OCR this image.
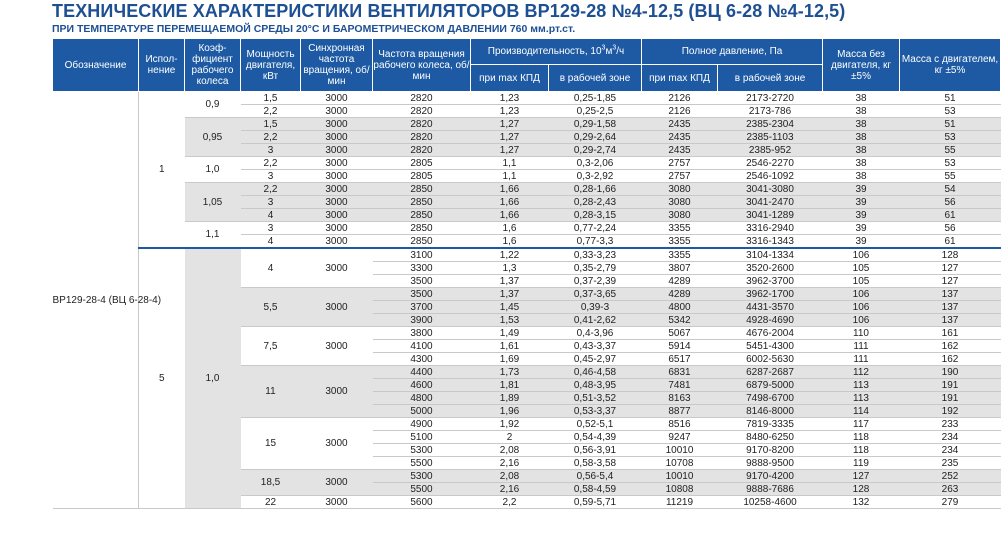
ТЕХНИЧЕСКИЕ ХАРАКТЕРИСТИКИ ВЕНТИЛЯТОРОВ ВР129-28 №4-12,5 (ВЦ 6-28 №4-12,5)
ПРИ ТЕМПЕРАТУРЕ ПЕРЕМЕЩАЕМОЙ СРЕДЫ 20°С И БАРОМЕТРИЧЕСКОМ ДАВЛЕНИИ 760 мм.рт.ст.
Обозначение	Испол-нение	Коэф-фициент рабочего колеса	Мощность двигателя, кВт	Синхронная частота вращения, об/мин	Частота вращения рабочего колеса, об/мин	Производительность, $10^3м^3/ч$		Полное давление, Па		Масса без двигателя, кг ±5%	Масса с двигателем, кг ±5%
						при max КПД	в рабочей зоне	при max КПД	в рабочей зоне		
ВР129-28-4 (ВЦ 6-28-4)	1	0,9	1,5	3000	2820	1,23	0,25-1,85	2126	2173-2720	38	51
			2,2	3000	2820	1,23	0,25-2,5	2126	2173-786	38	53
		0,95	1,5	3000	2820	1,27	0,29-1,58	2435	2385-2304	38	51
			2,2	3000	2820	1,27	0,29-2,64	2435	2385-1103	38	53
			3	3000	2820	1,27	0,29-2,74	2435	2385-952	38	55
		1,0	2,2	3000	2805	1,1	0,3-2,06	2757	2546-2270	38	53
			3	3000	2805	1,1	0,3-2,92	2757	2546-1092	38	55
		1,05	2,2	3000	2850	1,66	0,28-1,66	3080	3041-3080	39	54
			3	3000	2850	1,66	0,28-2,43	3080	3041-2470	39	56
			4	3000	2850	1,66	0,28-3,15	3080	3041-1289	39	61
		1,1	3	3000	2850	1,6	0,77-2,24	3355	3316-2940	39	56
			4	3000	2850	1,6	0,77-3,3	3355	3316-1343	39	61
	5	1,0	4	3000	3100	1,22	0,33-3,23	3355	3104-1334	106	128
					3300	1,3	0,35-2,79	3807	3520-2600	105	127
					3500	1,37	0,37-2,39	4289	3962-3700	105	127
			5,5	3000	3500	1,37	0,37-3,65	4289	3962-1700	106	137
					3700	1,45	0,39-3	4800	4431-3570	106	137
					3900	1,53	0,41-2,62	5342	4928-4690	106	137
			7,5	3000	3800	1,49	0,4-3,96	5067	4676-2004	110	161
					4100	1,61	0,43-3,37	5914	5451-4300	111	162
					4300	1,69	0,45-2,97	6517	6002-5630	111	162
			11	3000	4400	1,73	0,46-4,58	6831	6287-2687	112	190
					4600	1,81	0,48-3,95	7481	6879-5000	113	191
					4800	1,89	0,51-3,52	8163	7498-6700	113	191
					5000	1,96	0,53-3,37	8877	8146-8000	114	192
			15	3000	4900	1,92	0,52-5,1	8516	7819-3335	117	233
					5100	2	0,54-4,39	9247	8480-6250	118	234
					5300	2,08	0,56-3,91	10010	9170-8200	118	234
					5500	2,16	0,58-3,58	10708	9888-9500	119	235
			18,5	3000	5300	2,08	0,56-5,4	10010	9170-4200	127	252
					5500	2,16	0,58-4,59	10808	9888-7686	128	263
			22	3000	5600	2,2	0,59-5,71	11219	10258-4600	132	279
